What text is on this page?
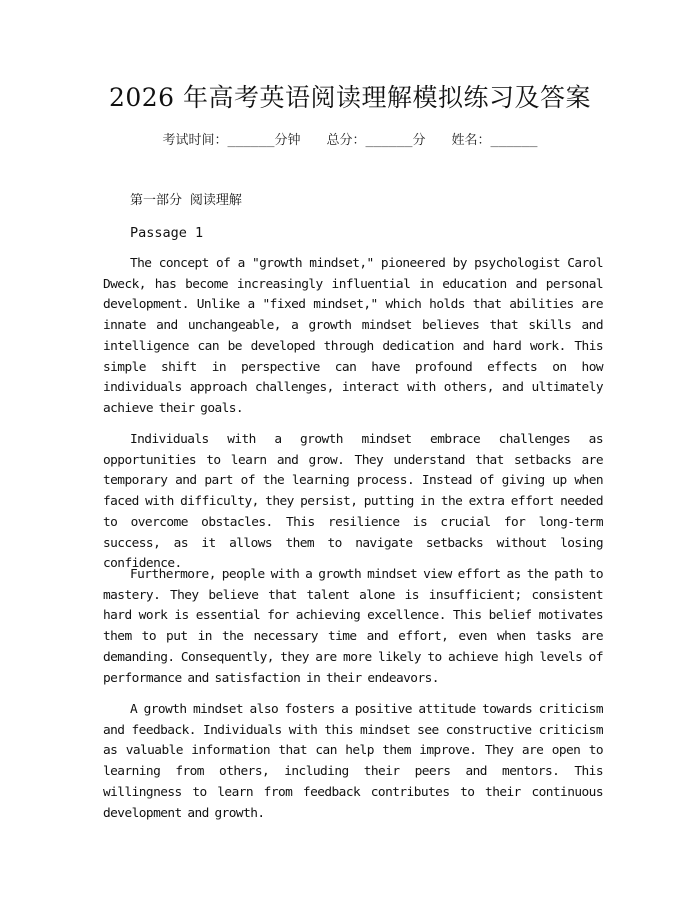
2026 年高考英语阅读理解模拟练习及答案
考试时间：______分钟 总分：______分 姓名：______
第一部分 阅读理解
Passage 1

The concept of a "growth mindset," pioneered by psychologist Carol Dweck, has become increasingly influential in education and personal development. Unlike a "fixed mindset," which holds that abilities are innate and unchangeable, a growth mindset believes that skills and intelligence can be developed through dedication and hard work. This simple shift in perspective can have profound effects on how individuals approach challenges, interact with others, and ultimately achieve their goals.

Individuals with a growth mindset embrace challenges as opportunities to learn and grow. They understand that setbacks are temporary and part of the learning process. Instead of giving up when faced with difficulty, they persist, putting in the extra effort needed to overcome obstacles. This resilience is crucial for long-term success, as it allows them to navigate setbacks without losing confidence.

Furthermore, people with a growth mindset view effort as the path to mastery. They believe that talent alone is insufficient; consistent hard work is essential for achieving excellence. This belief motivates them to put in the necessary time and effort, even when tasks are demanding. Consequently, they are more likely to achieve high levels of performance and satisfaction in their endeavors.

A growth mindset also fosters a positive attitude towards criticism and feedback. Individuals with this mindset see constructive criticism as valuable information that can help them improve. They are open to learning from others, including their peers and mentors. This willingness to learn from feedback contributes to their continuous development and growth.
